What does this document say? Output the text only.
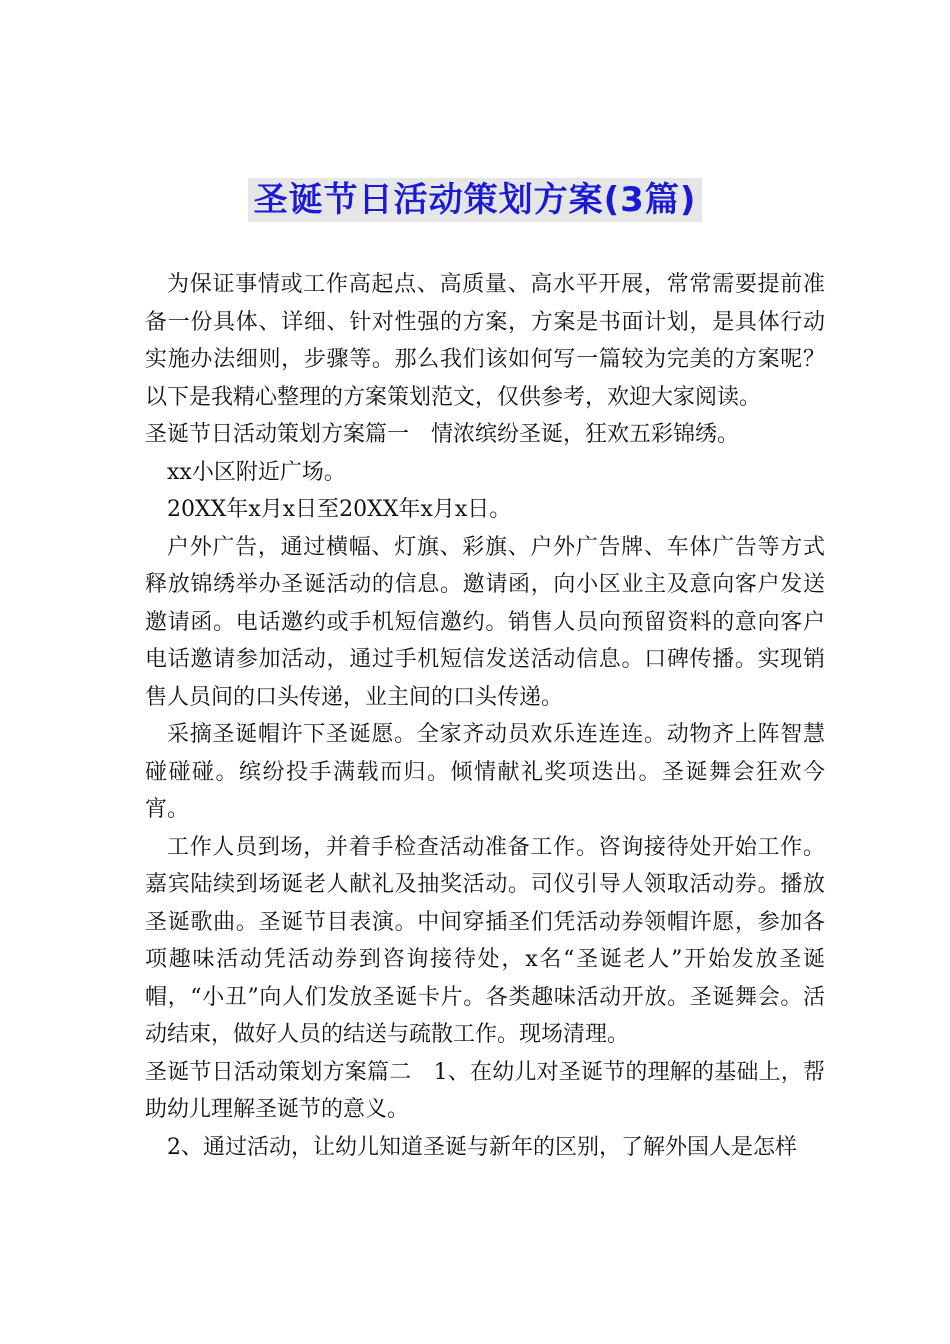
圣诞节日活动策划方案(3篇)

为保证事情或工作高起点、高质量、高水平开展，常常需要提前准备一份具体、详细、针对性强的方案，方案是书面计划，是具体行动实施办法细则，步骤等。那么我们该如何写一篇较为完美的方案呢？以下是我精心整理的方案策划范文，仅供参考，欢迎大家阅读。

圣诞节日活动策划方案篇一　情浓缤纷圣诞，狂欢五彩锦绣。

xx小区附近广场。

20XX年x月x日至20XX年x月x日。

户外广告，通过横幅、灯旗、彩旗、户外广告牌、车体广告等方式释放锦绣举办圣诞活动的信息。邀请函，向小区业主及意向客户发送邀请函。电话邀约或手机短信邀约。销售人员向预留资料的意向客户电话邀请参加活动，通过手机短信发送活动信息。口碑传播。实现销售人员间的口头传递，业主间的口头传递。

采摘圣诞帽许下圣诞愿。全家齐动员欢乐连连连。动物齐上阵智慧碰碰碰。缤纷投手满载而归。倾情献礼奖项迭出。圣诞舞会狂欢今宵。

工作人员到场，并着手检查活动准备工作。咨询接待处开始工作。嘉宾陆续到场诞老人献礼及抽奖活动。司仪引导人领取活动券。播放圣诞歌曲。圣诞节目表演。中间穿插圣们凭活动券领帽许愿，参加各项趣味活动凭活动券到咨询接待处，x名“圣诞老人”开始发放圣诞帽，“小丑”向人们发放圣诞卡片。各类趣味活动开放。圣诞舞会。活动结束，做好人员的结送与疏散工作。现场清理。

圣诞节日活动策划方案篇二　1、在幼儿对圣诞节的理解的基础上，帮助幼儿理解圣诞节的意义。

2、通过活动，让幼儿知道圣诞与新年的区别，了解外国人是怎样
